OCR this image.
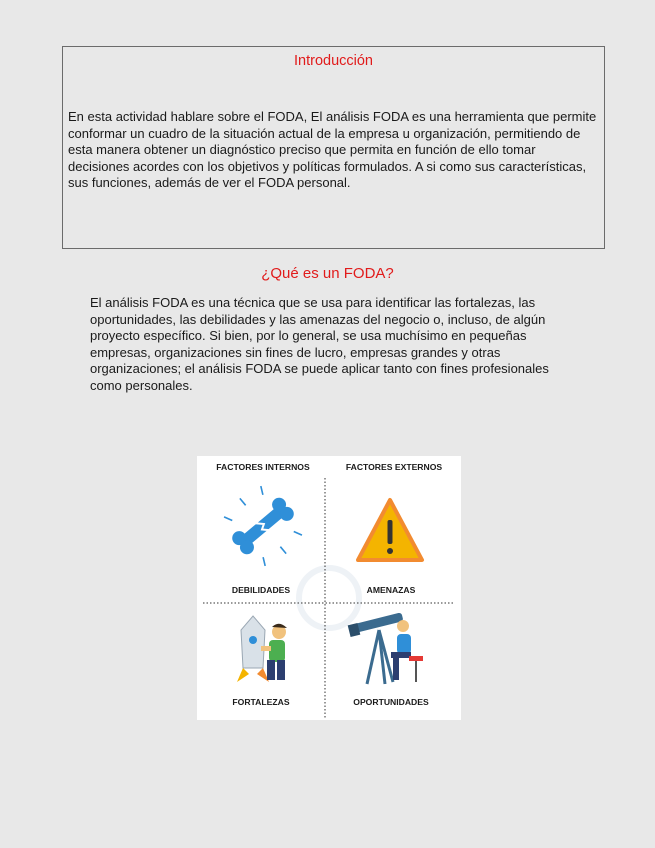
Introducción
En esta actividad hablare sobre el FODA, El análisis FODA es una herramienta que permite conformar un cuadro de la situación actual de la empresa u organización, permitiendo de esta manera obtener un diagnóstico preciso que permita en función de ello tomar decisiones acordes con los objetivos y políticas formulados. A si como sus características, sus funciones, además de ver el FODA personal.
¿Qué es un FODA?
El análisis FODA es una técnica que se usa para identificar las fortalezas, las oportunidades, las debilidades y las amenazas del negocio o, incluso, de algún proyecto específico. Si bien, por lo general, se usa muchísimo en pequeñas empresas, organizaciones sin fines de lucro, empresas grandes y otras organizaciones; el análisis FODA se puede aplicar tanto con fines profesionales como personales.
FACTORES INTERNOS	FACTORES EXTERNOS
DEBILIDADES	AMENAZAS
FORTALEZAS	OPORTUNIDADES
